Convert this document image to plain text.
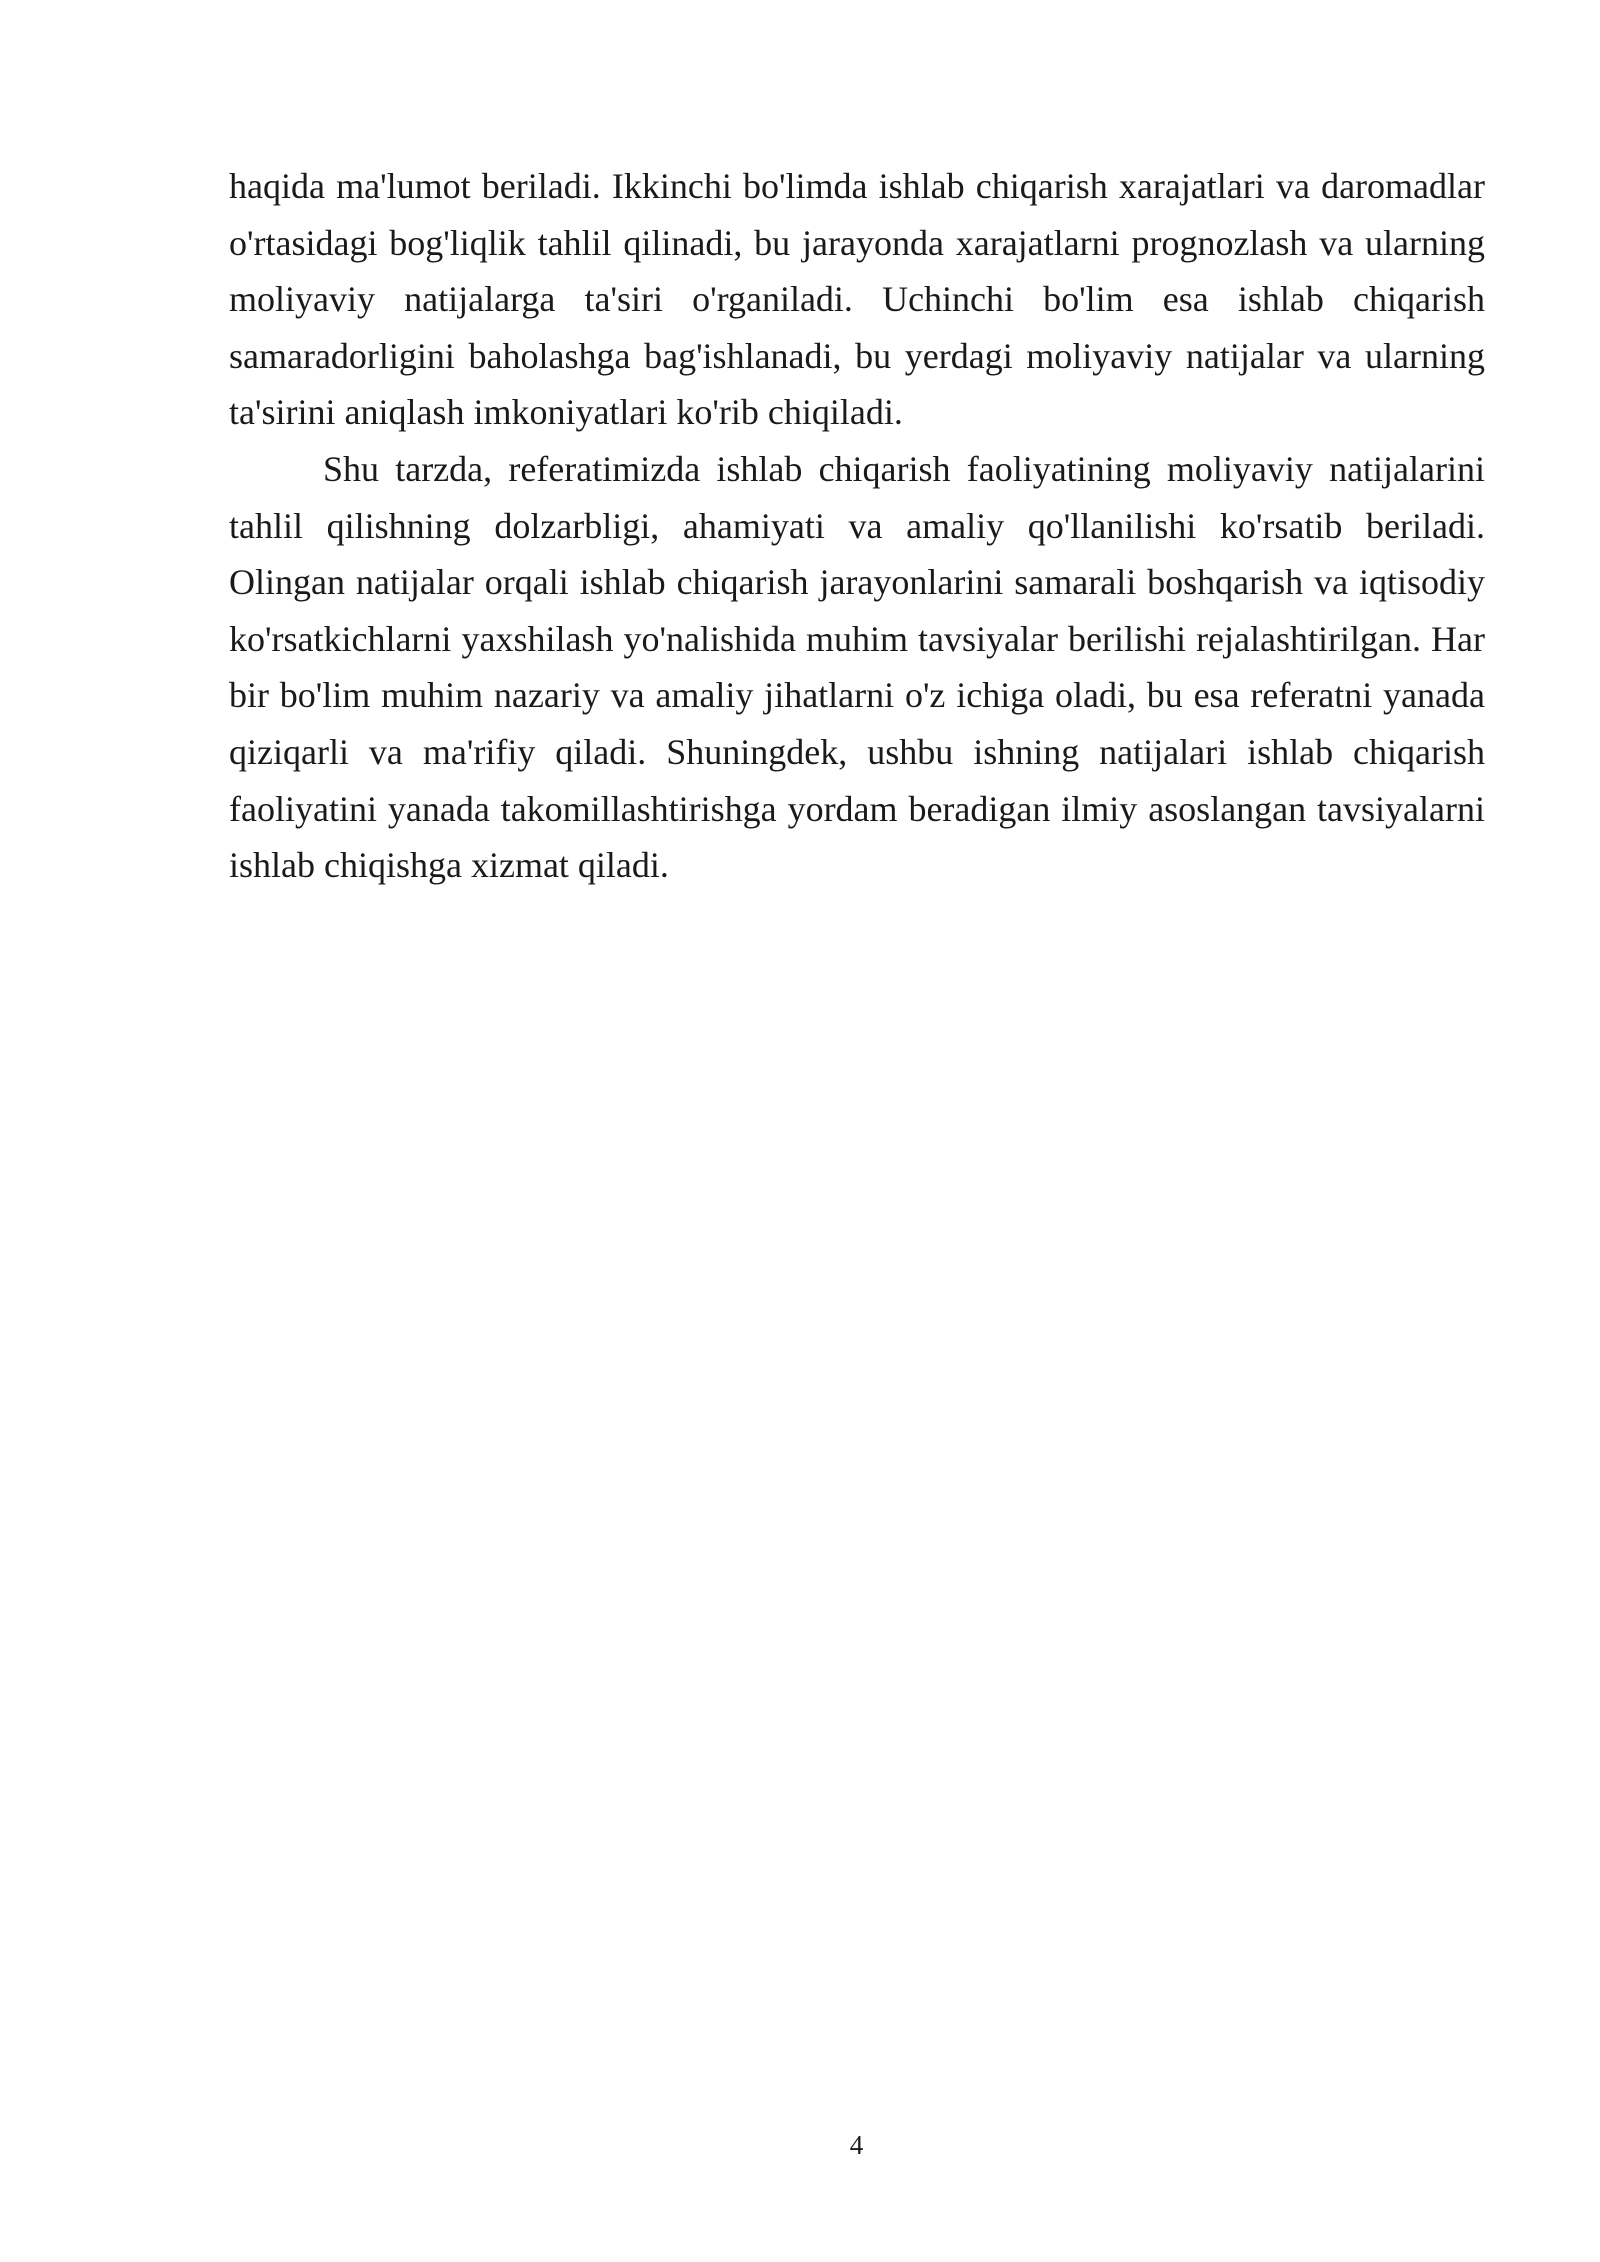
haqida ma'lumot beriladi. Ikkinchi bo'limda ishlab chiqarish xarajatlari va daromadlar o'rtasidagi bog'liqlik tahlil qilinadi, bu jarayonda xarajatlarni prognozlash va ularning moliyaviy natijalarga ta'siri o'rganiladi. Uchinchi bo'lim esa ishlab chiqarish samaradorligini baholashga bag'ishlanadi, bu yerdagi moliyaviy natijalar va ularning ta'sirini aniqlash imkoniyatlari ko'rib chiqiladi.

Shu tarzda, referatimizda ishlab chiqarish faoliyatining moliyaviy natijalarini tahlil qilishning dolzarbligi, ahamiyati va amaliy qo'llanilishi ko'rsatib beriladi. Olingan natijalar orqali ishlab chiqarish jarayonlarini samarali boshqarish va iqtisodiy ko'rsatkichlarni yaxshilash yo'nalishida muhim tavsiyalar berilishi rejalashtirilgan. Har bir bo'lim muhim nazariy va amaliy jihatlarni o'z ichiga oladi, bu esa referatni yanada qiziqarli va ma'rifiy qiladi. Shuningdek, ushbu ishning natijalari ishlab chiqarish faoliyatini yanada takomillashtirishga yordam beradigan ilmiy asoslangan tavsiyalarni ishlab chiqishga xizmat qiladi.

4
